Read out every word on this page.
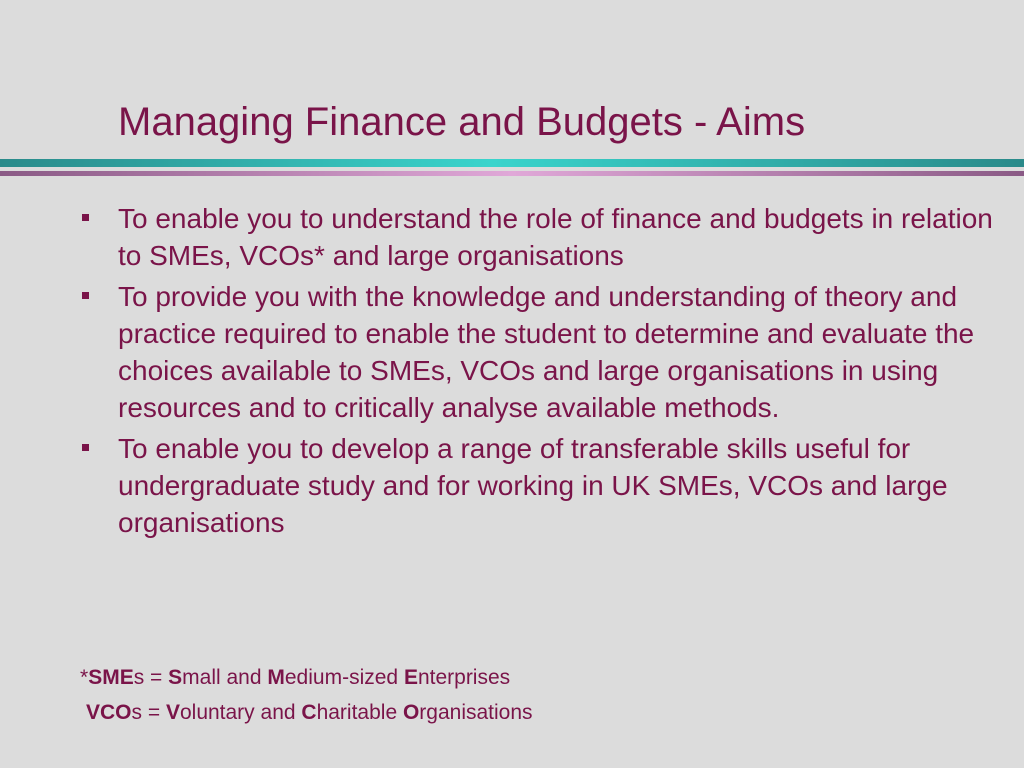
Managing Finance and Budgets - Aims
To enable you to understand the role of finance and budgets in relation to SMEs, VCOs* and large organisations
To provide you with the knowledge and understanding of theory and practice required to enable the student to determine and evaluate the choices available to SMEs, VCOs and large organisations in using resources and to critically analyse available methods.
To enable you to develop a range of transferable skills useful for undergraduate study and for working in UK SMEs, VCOs and large organisations
*SMEs = Small and Medium-sized Enterprises
VCOs = Voluntary and Charitable Organisations
